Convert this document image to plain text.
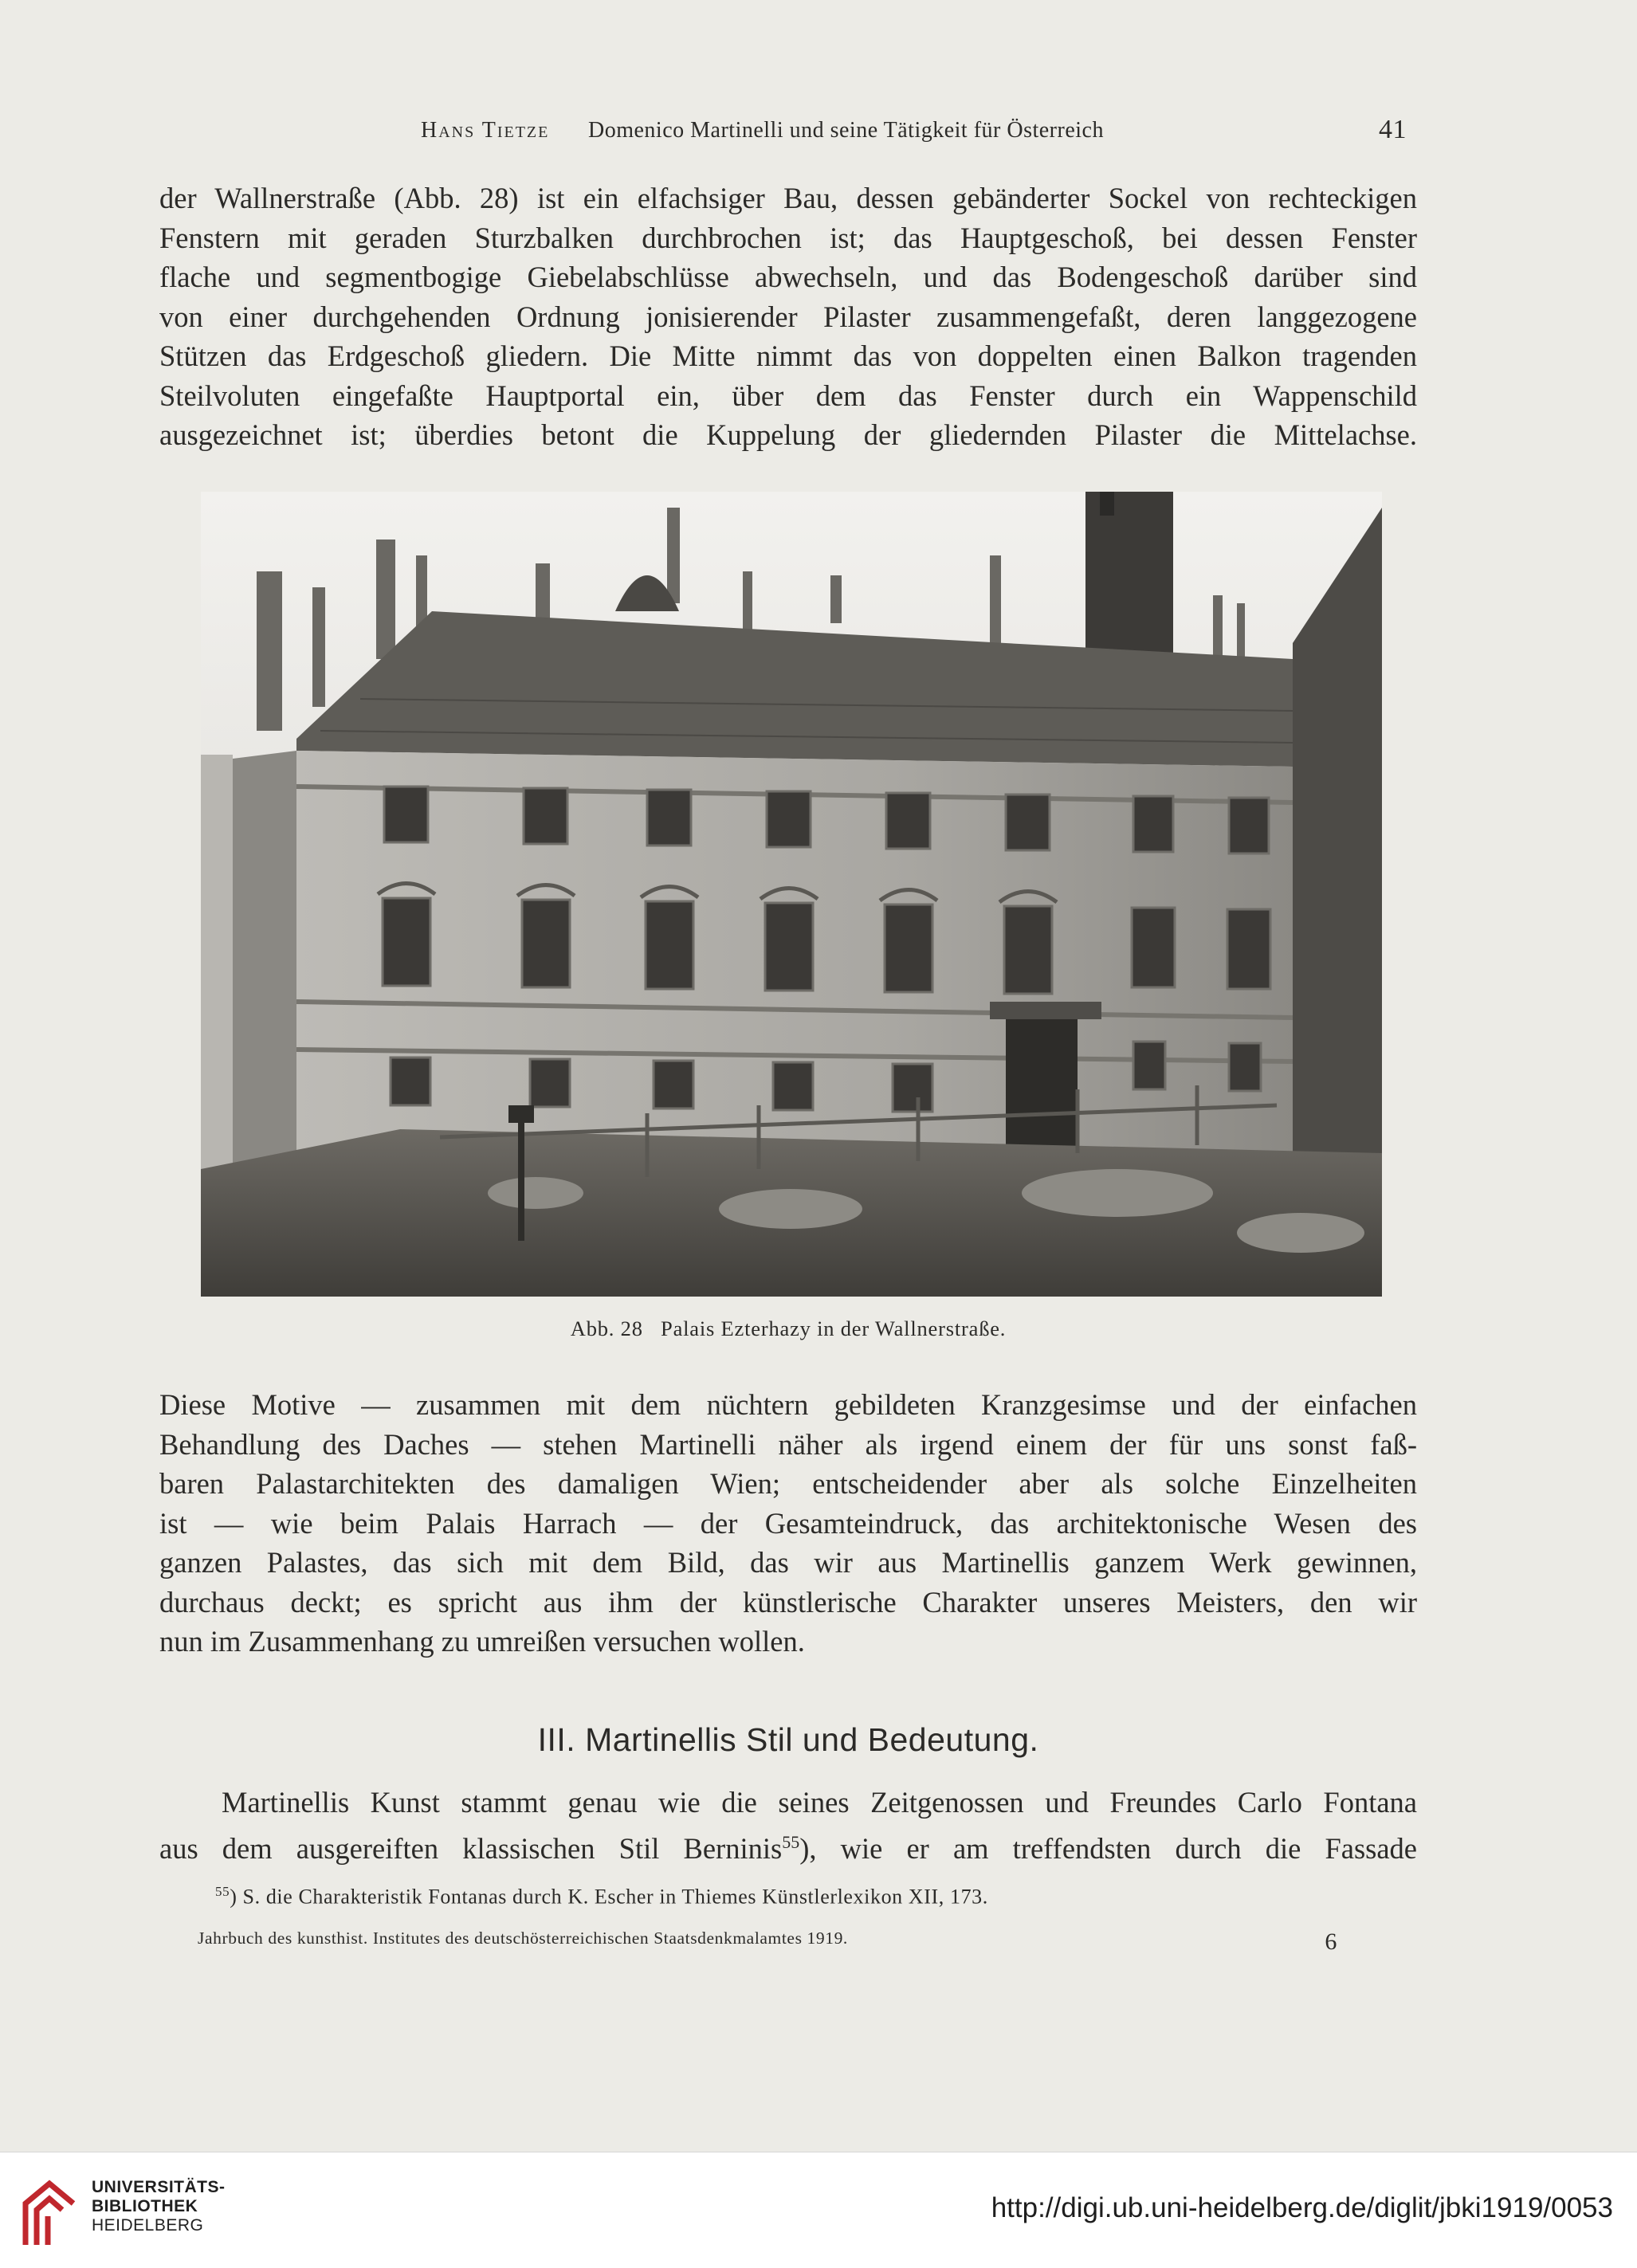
Hans Tietze Domenico Martinelli und seine Tätigkeit für Österreich	41
der Wallnerstraße (Abb. 28) ist ein elfachsiger Bau, dessen gebänderter Sockel von rechteckigen
Fenstern mit geraden Sturzbalken durchbrochen ist; das Hauptgeschoß, bei dessen Fenster
flache und segmentbogige Giebelabschlüsse abwechseln, und das Bodengeschoß darüber sind
von einer durchgehenden Ordnung jonisierender Pilaster zusammengefaßt, deren langgezogene
Stützen das Erdgeschoß gliedern. Die Mitte nimmt das von doppelten einen Balkon tragenden
Steilvoluten eingefaßte Hauptportal ein, über dem das Fenster durch ein Wappenschild
ausgezeichnet ist; überdies betont die Kuppelung der gliedernden Pilaster die Mittelachse.
Abb. 28   Palais Ezterhazy in der Wallnerstraße.
Diese Motive — zusammen mit dem nüchtern gebildeten Kranzgesimse und der einfachen
Behandlung des Daches — stehen Martinelli näher als irgend einem der für uns sonst faß-
baren Palastarchitekten des damaligen Wien; entscheidender aber als solche Einzelheiten
ist — wie beim Palais Harrach — der Gesamteindruck, das architektonische Wesen des
ganzen Palastes, das sich mit dem Bild, das wir aus Martinellis ganzem Werk gewinnen,
durchaus deckt; es spricht aus ihm der künstlerische Charakter unseres Meisters, den wir
nun im Zusammenhang zu umreißen versuchen wollen.
III. Martinellis Stil und Bedeutung.
Martinellis Kunst stammt genau wie die seines Zeitgenossen und Freundes Carlo Fontana
aus dem ausgereiften klassischen Stil Berninis$^{55}$), wie er am treffendsten durch die Fassade
$^{55}$) S. die Charakteristik Fontanas durch K. Escher in Thiemes Künstlerlexikon XII, 173.
Jahrbuch des kunsthist. Institutes des deutschösterreichischen Staatsdenkmalamtes 1919.	6
UNIVERSITÄTS-
BIBLIOTHEK
HEIDELBERG
http://digi.ub.uni-heidelberg.de/diglit/jbki1919/0053
